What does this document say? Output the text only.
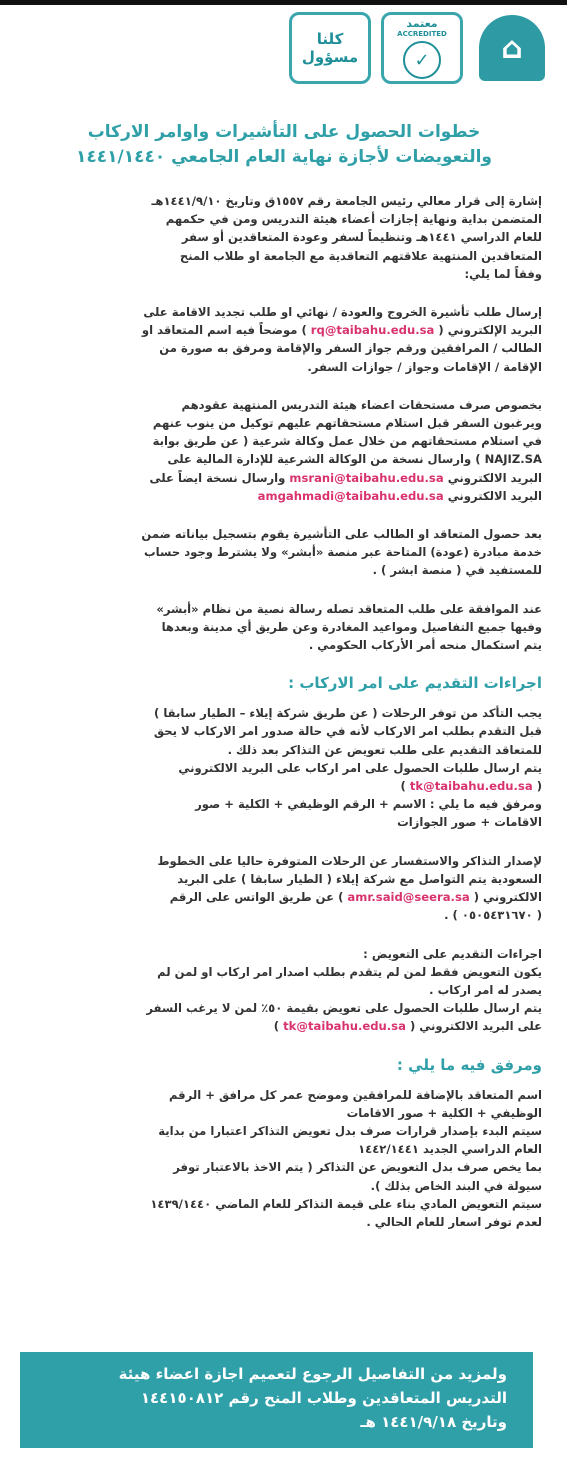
كلنا
مسؤول
معتمد
ACCREDITED
✓	⌂
خطوات الحصول على التأشيرات واوامر الاركاب
والتعويضات لأجازة نهاية العام الجامعي ١٤٤١/١٤٤٠
إشارة إلى قرار معالي رئيس الجامعة رقم ١٥٥٧ق وتاريخ ١٤٤١/٩/١٠هـ
المتضمن بداية ونهاية إجازات أعضاء هيئة التدريس ومن في حكمهم
للعام الدراسي ١٤٤١هـ وتنظيماً لسفر وعودة المتعاقدين أو سفر
المتعاقدين المنتهية علاقتهم التعاقدية مع الجامعة او طلاب المنح
وفقاً لما يلي:
إرسال طلب تأشيرة الخروج والعودة / نهائي او طلب تجديد الاقامة على
البريد الإلكتروني ( rq@taibahu.edu.sa ) موضحاً فيه اسم المتعاقد او
الطالب / المرافقين ورقم جواز السفر والإقامة ومرفق به صورة من
الإقامة / الإقامات وجواز / جوازات السفر.
بخصوص صرف مستحقات اعضاء هيئة التدريس المنتهية عقودهم
ويرغبون السفر قبل استلام مستحقاتهم عليهم توكيل من ينوب عنهم
في استلام مستحقاتهم من خلال عمل وكالة شرعية ( عن طريق بوابة
NAJIZ.SA ) وارسال نسخة من الوكالة الشرعية للإدارة المالية على
البريد الالكتروني msrani@taibahu.edu.sa وارسال نسخة ايضاً على
البريد الالكتروني amgahmadi@taibahu.edu.sa
بعد حصول المتعاقد او الطالب على التأشيرة يقوم بتسجيل بياناته ضمن
خدمة مبادرة (عودة) المتاحة عبر منصة «أبشر» ولا يشترط وجود حساب
للمستفيد في ( منصة ابشر ) .
عند الموافقة على طلب المتعاقد تصله رسالة نصية من نظام «أبشر»
وفيها جميع التفاصيل ومواعيد المغادرة وعن طريق أي مدينة وبعدها
يتم استكمال منحه أمر الأركاب الحكومي .
اجراءات التقديم على امر الاركاب :
يجب التأكد من توفر الرحلات ( عن طريق شركة إيلاء – الطيار سابقا )
قبل التقدم بطلب امر الاركاب لأنه في حالة صدور امر الاركاب لا يحق
للمتعاقد التقديم على طلب تعويض عن التذاكر بعد ذلك .
يتم ارسال طلبات الحصول على امر اركاب على البريد الالكتروني
( tk@taibahu.edu.sa )
ومرفق فيه ما يلي : الاسم + الرقم الوظيفي + الكلية + صور
الاقامات + صور الجوازات
لإصدار التذاكر والاستفسار عن الرحلات المتوفرة حاليا على الخطوط
السعودية يتم التواصل مع شركة إيلاء ( الطيار سابقا ) على البريد
الالكتروني ( amr.said@seera.sa ) عن طريق الواتس على الرقم
( ٠٥٠٥٤٣١٦٧٠ ) .
اجراءات التقديم على التعويض :
يكون التعويض فقط لمن لم يتقدم بطلب اصدار امر اركاب او لمن لم
يصدر له امر اركاب .
يتم ارسال طلبات الحصول على تعويض بقيمة ٥٠٪ لمن لا يرغب السفر
على البريد الالكتروني ( tk@taibahu.edu.sa )
ومرفق فيه ما يلي :
اسم المتعاقد بالإضافة للمرافقين وموضح عمر كل مرافق + الرقم
الوظيفي + الكلية + صور الاقامات
سيتم البدء بإصدار قرارات صرف بدل تعويض التذاكر اعتبارا من بداية
العام الدراسي الجديد ١٤٤٢/١٤٤١
بما يخص صرف بدل التعويض عن التذاكر ( يتم الاخذ بالاعتبار توفر
سيولة في البند الخاص بذلك ).
سيتم التعويض المادي بناء على قيمة التذاكر للعام الماضي ١٤٣٩/١٤٤٠
لعدم توفر اسعار للعام الحالي .
ولمزيد من التفاصيل الرجوع لتعميم اجازة اعضاء هيئة
التدريس المتعاقدين وطلاب المنح رقم ١٤٤١٥٠٨١٢
وتاريخ ١٤٤١/٩/١٨ هـ
